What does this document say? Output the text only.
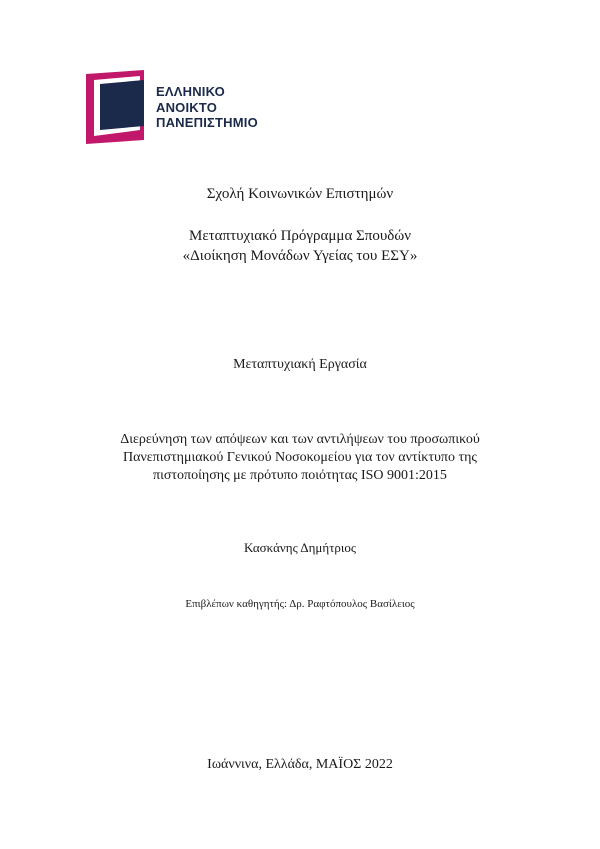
ΕΛΛΗΝΙΚΟ
ΑΝΟΙΚΤΟ
ΠΑΝΕΠΙΣΤΗΜΙΟ
Σχολή Κοινωνικών Επιστημών
Μεταπτυχιακό Πρόγραμμα Σπουδών
«Διοίκηση Μονάδων Υγείας του ΕΣΥ»
Μεταπτυχιακή Εργασία
Διερεύνηση των απόψεων και των αντιλήψεων του προσωπικού
Πανεπιστημιακού Γενικού Νοσοκομείου για τον αντίκτυπο της
πιστοποίησης με πρότυπο ποιότητας ISO 9001:2015
Κασκάνης Δημήτριος
Επιβλέπων καθηγητής: Δρ. Ραφτόπουλος Βασίλειος
Ιωάννινα, Ελλάδα, ΜΑΪΟΣ 2022
